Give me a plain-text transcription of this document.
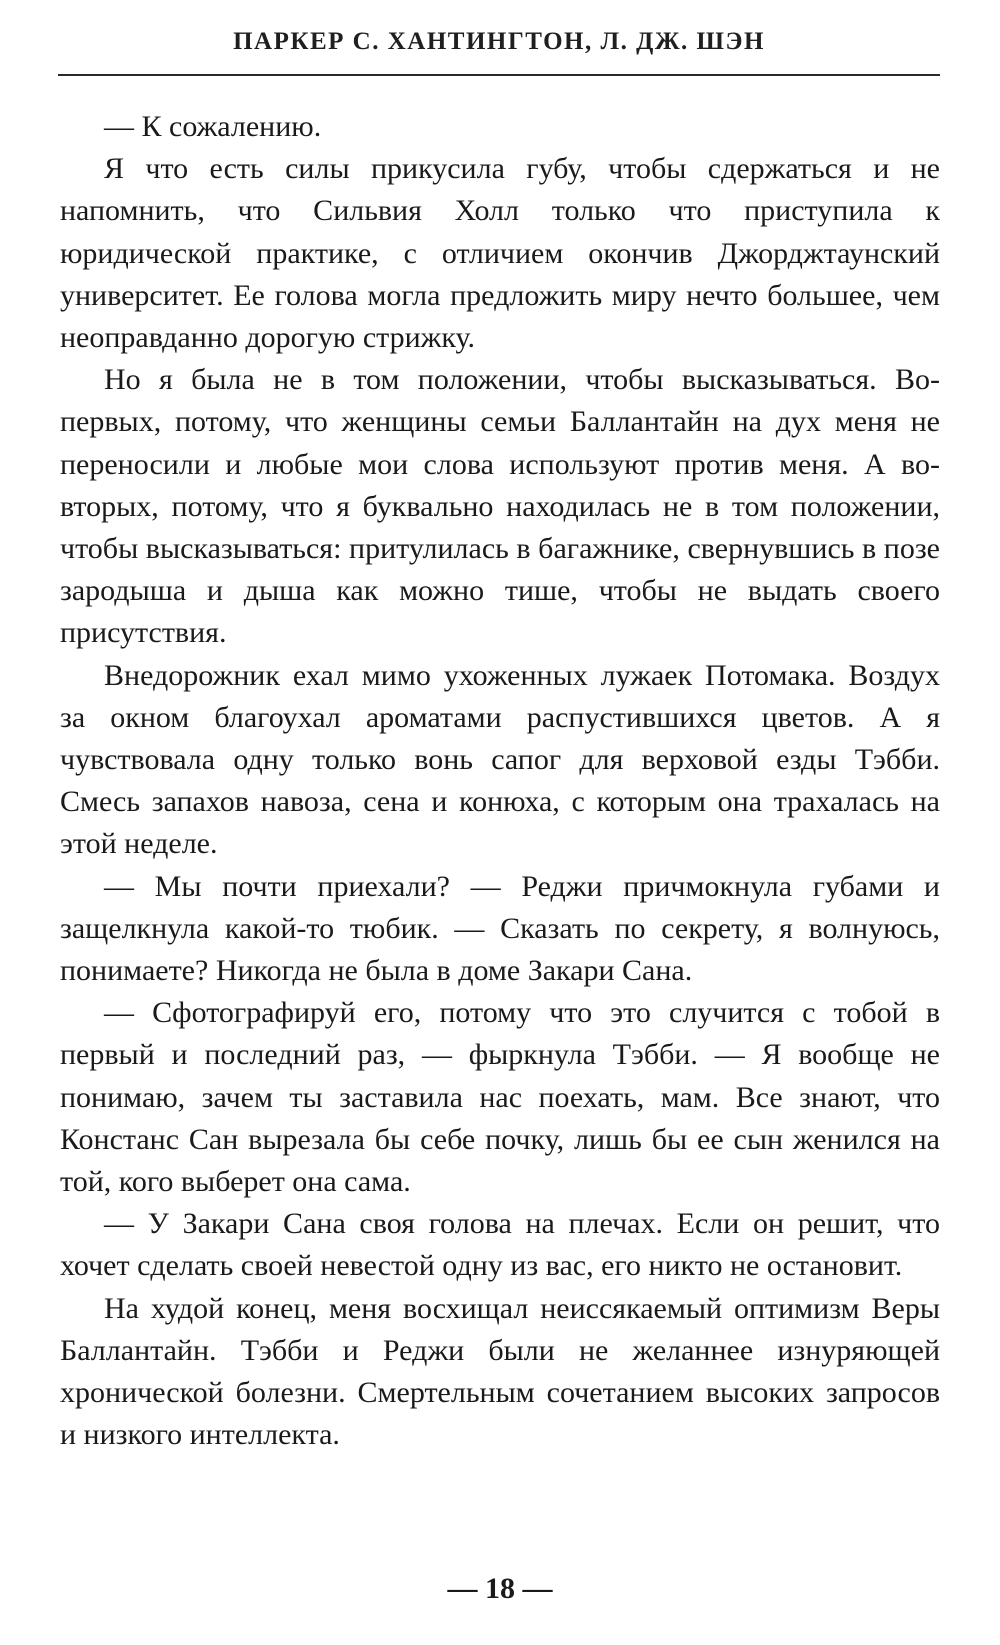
ПАРКЕР С. ХАНТИНГТОН, Л. ДЖ. ШЭН

— К сожалению.

Я что есть силы прикусила губу, чтобы сдержаться и не напомнить, что Сильвия Холл только что приступила к юридической практике, с отличием окончив Джорджтаунский университет. Ее голова могла предложить миру нечто большее, чем неоправданно дорогую стрижку.

Но я была не в том положении, чтобы высказываться. Во-первых, потому, что женщины семьи Баллантайн на дух меня не переносили и любые мои слова используют против меня. А во-вторых, потому, что я буквально находилась не в том положении, чтобы высказываться: притулилась в багажнике, свернувшись в позе зародыша и дыша как можно тише, чтобы не выдать своего присутствия.

Внедорожник ехал мимо ухоженных лужаек Потомака. Воздух за окном благоухал ароматами распустившихся цветов. А я чувствовала одну только вонь сапог для верховой езды Тэбби. Смесь запахов навоза, сена и конюха, с которым она трахалась на этой неделе.

— Мы почти приехали? — Реджи причмокнула губами и защелкнула какой-то тюбик. — Сказать по секрету, я волнуюсь, понимаете? Никогда не была в доме Закари Сана.

— Сфотографируй его, потому что это случится с тобой в первый и последний раз, — фыркнула Тэбби. — Я вообще не понимаю, зачем ты заставила нас поехать, мам. Все знают, что Констанс Сан вырезала бы себе почку, лишь бы ее сын женился на той, кого выберет она сама.

— У Закари Сана своя голова на плечах. Если он решит, что хочет сделать своей невестой одну из вас, его никто не остановит.

На худой конец, меня восхищал неиссякаемый оптимизм Веры Баллантайн. Тэбби и Реджи были не желаннее изнуряющей хронической болезни. Смертельным сочетанием высоких запросов и низкого интеллекта.

— 18 —
